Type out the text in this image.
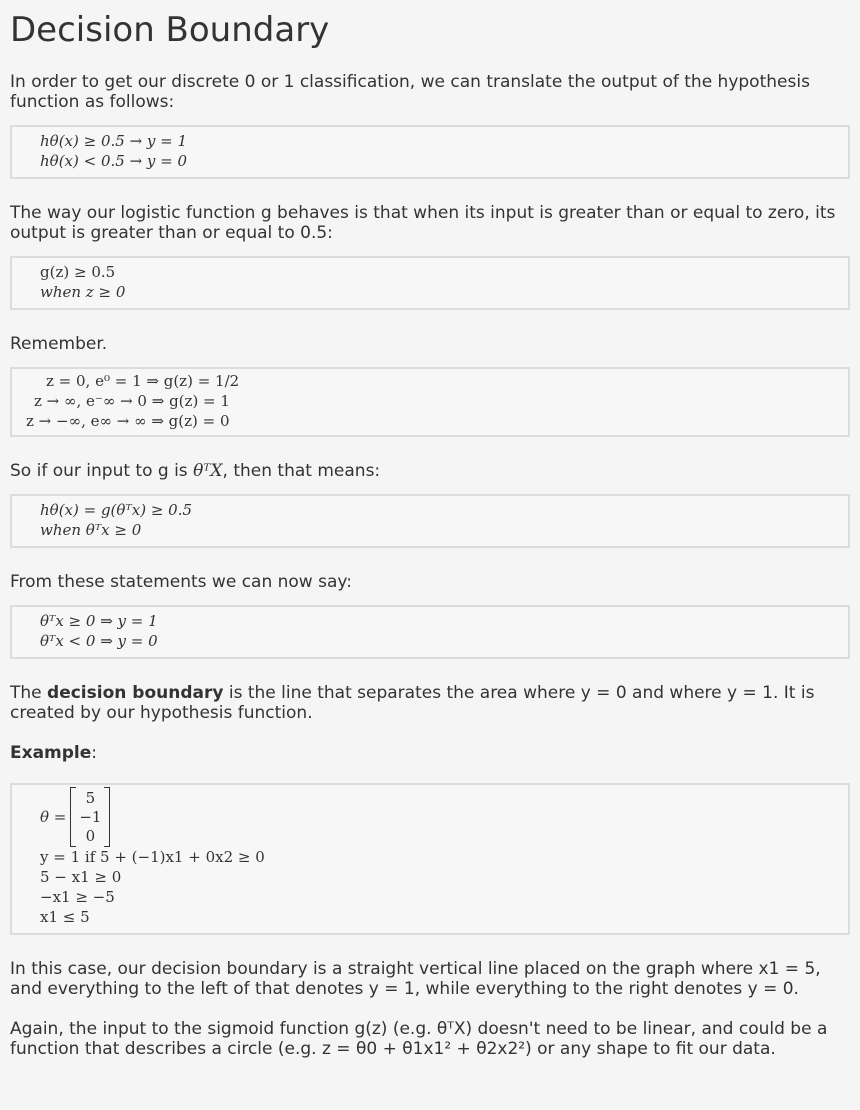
Decision Boundary

In order to get our discrete 0 or 1 classification, we can translate the output of the hypothesis function as follows:

hθ(x) ≥ 0.5 → y = 1
hθ(x) < 0.5 → y = 0

The way our logistic function g behaves is that when its input is greater than or equal to zero, its output is greater than or equal to 0.5:

g(z) ≥ 0.5
when z ≥ 0

Remember.

z = 0, e⁰ = 1 ⇒ g(z) = 1/2
z → ∞, e⁻∞ → 0 ⇒ g(z) = 1
z → −∞, e∞ → ∞ ⇒ g(z) = 0

So if our input to g is θᵀX, then that means:

hθ(x) = g(θᵀx) ≥ 0.5
when θᵀx ≥ 0

From these statements we can now say:

θᵀx ≥ 0 ⇒ y = 1
θᵀx < 0 ⇒ y = 0

The decision boundary is the line that separates the area where y = 0 and where y = 1. It is created by our hypothesis function.

Example:

θ =
5
−1
0
y = 1 if 5 + (−1)x1 + 0x2 ≥ 0
5 − x1 ≥ 0
−x1 ≥ −5
x1 ≤ 5

In this case, our decision boundary is a straight vertical line placed on the graph where x1 = 5, and everything to the left of that denotes y = 1, while everything to the right denotes y = 0.

Again, the input to the sigmoid function g(z) (e.g. θᵀX) doesn't need to be linear, and could be a function that describes a circle (e.g. z = θ0 + θ1x1² + θ2x2²) or any shape to fit our data.
